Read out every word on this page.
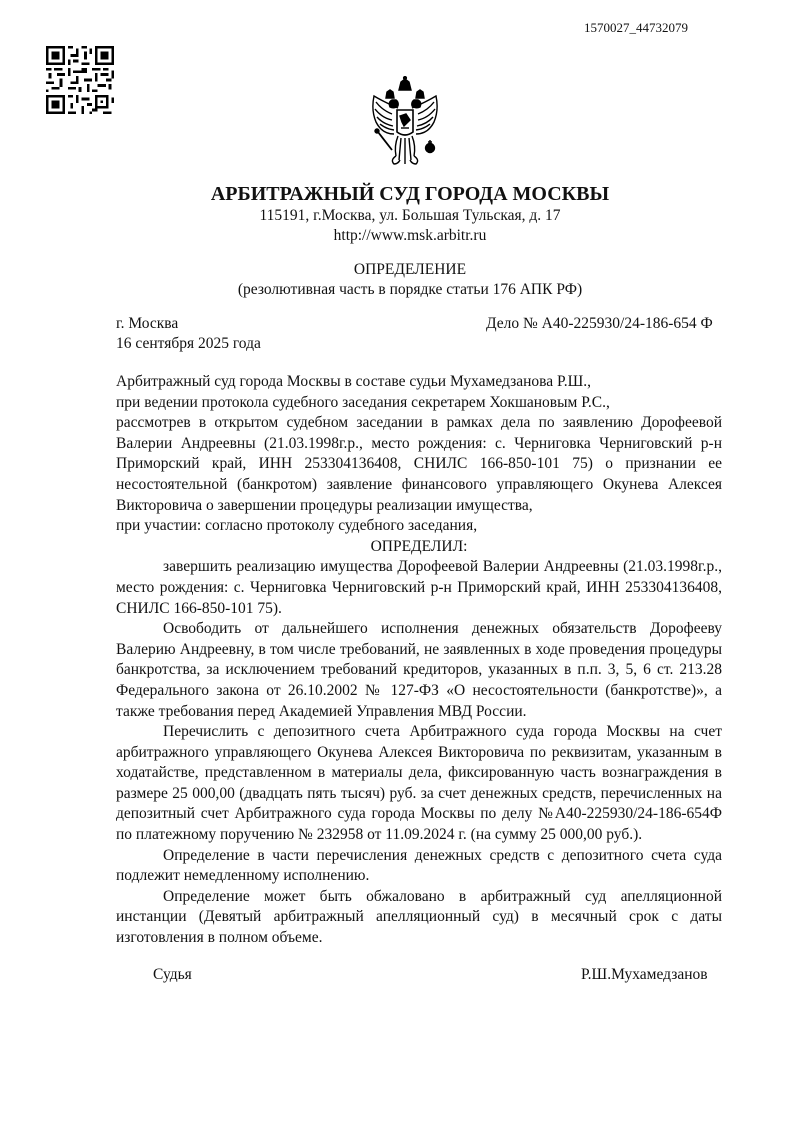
1570027_44732079
АРБИТРАЖНЫЙ СУД ГОРОДА МОСКВЫ
115191, г.Москва, ул. Большая Тульская, д. 17
http://www.msk.arbitr.ru
ОПРЕДЕЛЕНИЕ
(резолютивная часть в порядке статьи 176 АПК РФ)
г. Москва
16 сентября 2025 года
Дело № А40-225930/24-186-654 Ф

Арбитражный суд города Москвы в составе судьи Мухамедзанова Р.Ш.,

при ведении протокола судебного заседания секретарем Хокшановым Р.С.,

рассмотрев в открытом судебном заседании в рамках дела по заявлению Дорофеевой Валерии Андреевны (21.03.1998г.р., место рождения: с. Черниговка Черниговский р-н Приморский край, ИНН 253304136408, СНИЛС 166-850-101 75) о признании ее несостоятельной (банкротом) заявление финансового управляющего Окунева Алексея Викторовича о завершении процедуры реализации имущества,

при участии: согласно протоколу судебного заседания,

ОПРЕДЕЛИЛ:

завершить реализацию имущества Дорофеевой Валерии Андреевны (21.03.1998г.р., место рождения: с. Черниговка Черниговский р-н Приморский край, ИНН 253304136408, СНИЛС 166-850-101 75).

Освободить от дальнейшего исполнения денежных обязательств Дорофееву Валерию Андреевну, в том числе требований, не заявленных в ходе проведения процедуры банкротства, за исключением требований кредиторов, указанных в п.п. 3, 5, 6 ст. 213.28 Федерального закона от 26.10.2002 № 127-ФЗ «О несостоятельности (банкротстве)», а также требования перед Академией Управления МВД России.

Перечислить с депозитного счета Арбитражного суда города Москвы на счет арбитражного управляющего Окунева Алексея Викторовича по реквизитам, указанным в ходатайстве, представленном в материалы дела, фиксированную часть вознаграждения в размере 25 000,00 (двадцать пять тысяч) руб. за счет денежных средств, перечисленных на депозитный счет Арбитражного суда города Москвы по делу №А40-225930/24-186-654Ф по платежному поручению № 232958 от 11.09.2024 г. (на сумму 25 000,00 руб.).

Определение в части перечисления денежных средств с депозитного счета суда подлежит немедленному исполнению.

Определение может быть обжаловано в арбитражный суд апелляционной инстанции (Девятый арбитражный апелляционный суд) в месячный срок с даты изготовления в полном объеме.

Судья	Р.Ш.Мухамедзанов
